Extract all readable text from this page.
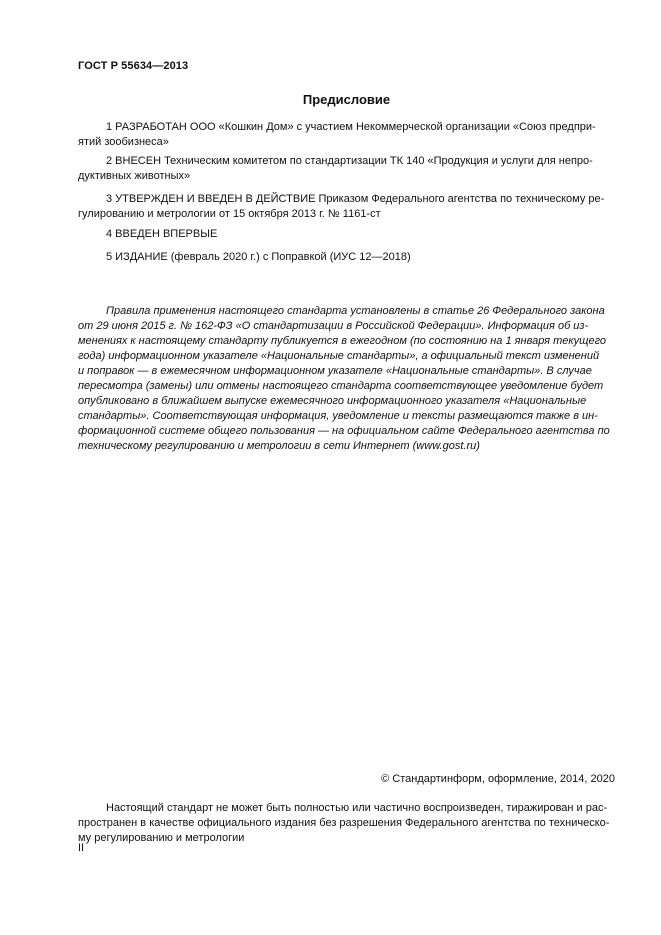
ГОСТ Р 55634—2013
Предисловие
1 РАЗРАБОТАН ООО «Кошкин Дом» с участием Некоммерческой организации «Союз предпри-
ятий зообизнеса»
2 ВНЕСЕН Техническим комитетом по стандартизации ТК 140 «Продукция и услуги для непро-
дуктивных животных»
3 УТВЕРЖДЕН И ВВЕДЕН В ДЕЙСТВИЕ Приказом Федерального агентства по техническому ре-
гулированию и метрологии от 15 октября 2013 г. № 1161-ст
4 ВВЕДЕН ВПЕРВЫЕ
5 ИЗДАНИЕ (февраль 2020 г.) с Поправкой (ИУС 12—2018)
Правила применения настоящего стандарта установлены в статье 26 Федерального закона
от 29 июня 2015 г. № 162-ФЗ «О стандартизации в Российской Федерации». Информация об из-
менениях к настоящему стандарту публикуется в ежегодном (по состоянию на 1 января текущего
года) информационном указателе «Национальные стандарты», а официальный текст изменений
и поправок — в ежемесячном информационном указателе «Национальные стандарты». В случае
пересмотра (замены) или отмены настоящего стандарта соответствующее уведомление будет
опубликовано в ближайшем выпуске ежемесячного информационного указателя «Национальные
стандарты». Соответствующая информация, уведомление и тексты размещаются также в ин-
формационной системе общего пользования — на официальном сайте Федерального агентства по
техническому регулированию и метрологии в сети Интернет (www.gost.ru)
© Стандартинформ, оформление, 2014, 2020
Настоящий стандарт не может быть полностью или частично воспроизведен, тиражирован и рас-
пространен в качестве официального издания без разрешения Федерального агентства по техническо-
му регулированию и метрологии
II
